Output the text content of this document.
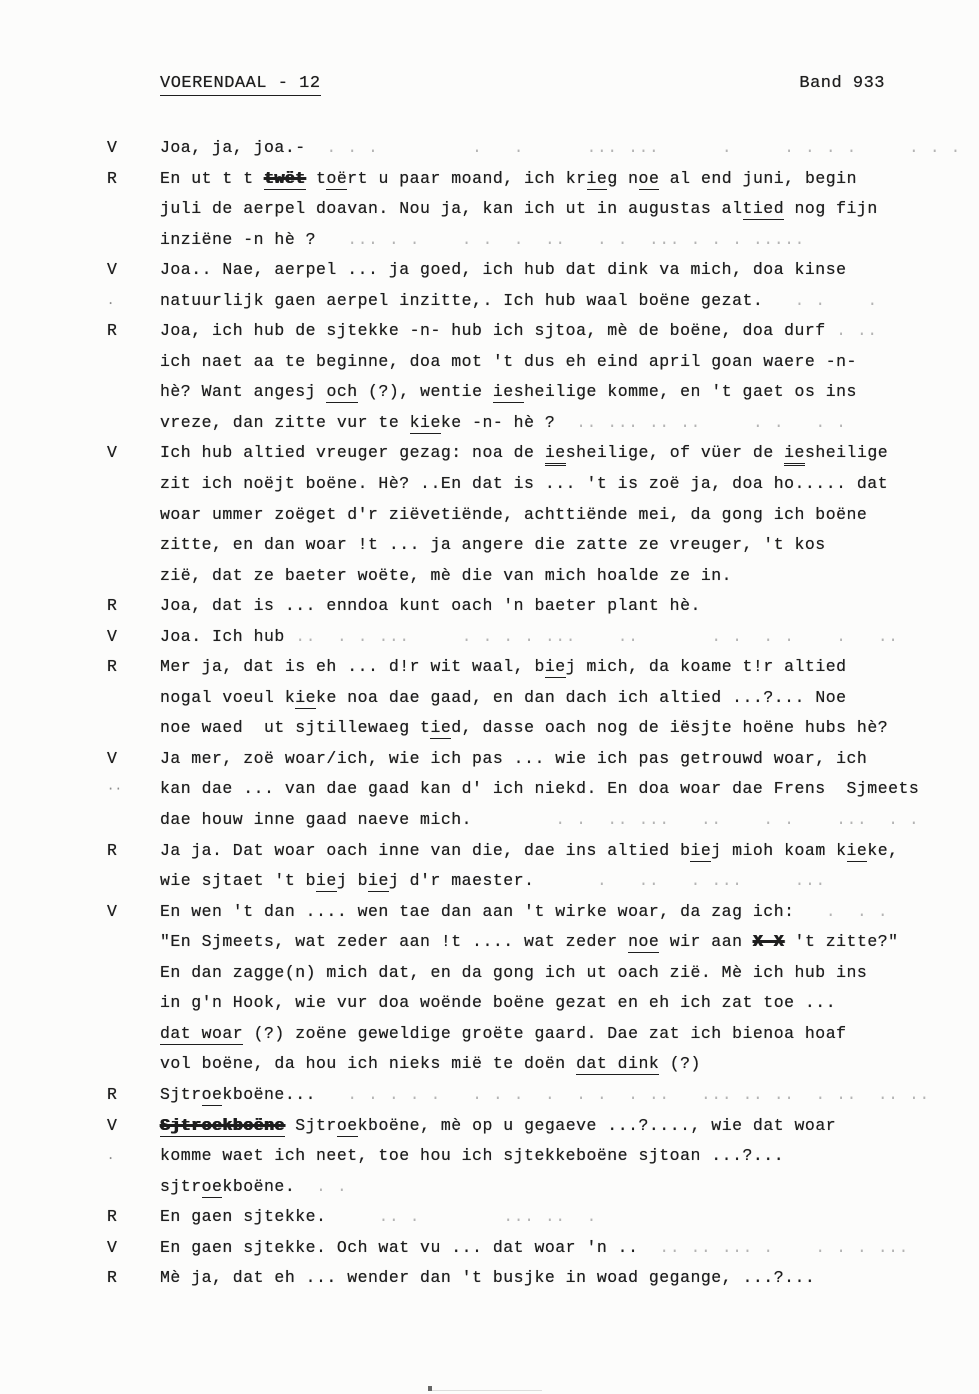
VOERENDAAL - 12	Band 933
V	Joa, ja, joa.-  . . .         .   .      ... ...      .     . . . .     . . .
R	En ut t t twët toërt u paar moand, ich krieg noe al end juni, begin
juli de aerpel doavan. Nou ja, kan ich ut in augustas altied nog fijn
inziëne -n hè ?   ... . .    . .  .  ..   . .  ... . . . .....
V	Joa.. Nae, aerpel ... ja goed, ich hub dat dink va mich, doa kinse
.	natuurlijk gaen aerpel inzitte,. Ich hub waal boëne gezat.   . .    .
R	Joa, ich hub de sjtekke -n- hub ich sjtoa, mè de boëne, doa durf . ..
ich naet aa te beginne, doa mot 't dus eh eind april goan waere -n-
hè? Want angesj och (?), wentie iesheilige komme, en 't gaet os ins
vreze, dan zitte vur te kieke -n- hè ?  .. ... .. ..     . .   . .
V	Ich hub altied vreuger gezag: noa de iesheilige, of vüer de iesheilige
zit ich noëjt boëne. Hè? ..En dat is ... 't is zoë ja, doa ho..... dat
woar ummer zoëget d'r ziëvetiënde, achttiënde mei, da gong ich boëne
zitte, en dan woar !t ... ja angere die zatte ze vreuger, 't kos
zië, dat ze baeter woëte, mè die van mich hoalde ze in.
R	Joa, dat is ... enndoa kunt oach 'n baeter plant hè.
V	Joa. Ich hub ..  . . ...     . . . . ...    ..       . .  . .    .   ..
R	Mer ja, dat is eh ... d!r wit waal, biej mich, da koame t!r altied
nogal voeul kieke noa dae gaad, en dan dach ich altied ...?... Noe
noe waed  ut sjtillewaeg tied, dasse oach nog de iësjte hoëne hubs hè?
V	Ja mer, zoë woar/ich, wie ich pas ... wie ich pas getrouwd woar, ich
·· kan dae ... van dae gaad kan d' ich niekd. En doa woar dae Frens  Sjmeets
dae houw inne gaad naeve mich.        . .  .. ...   ..    . .    ...  . .
R	Ja ja. Dat woar oach inne van die, dae ins altied biej mioh koam kieke,
wie sjtaet 't biej biej d'r maester.      .   ..   . ...     ...
V	En wen 't dan .... wen tae dan aan 't wirke woar, da zag ich:   .  . .
"En Sjmeets, wat zeder aan !t .... wat zeder noe wir aan X X 't zitte?"
En dan zagge(n) mich dat, en da gong ich ut oach zië. Mè ich hub ins
in g'n Hook, wie vur doa woënde boëne gezat en eh ich zat toe ...
dat woar (?) zoëne geweldige groëte gaard. Dae zat ich bienoa hoaf
vol boëne, da hou ich nieks mië te doën dat dink (?)
R	Sjtroekboëne...   . . . . .   . . .  .  . .  . ..   ... .. ..  . ..  .. ..
V	Sjtroekboëne Sjtroekboëne, mè op u gegaeve ...?...., wie dat woar
.	komme waet ich neet, toe hou ich sjtekkeboëne sjtoan ...?...
sjtroekboëne.  . .
R	En gaen sjtekke.     .. .        ... ..  .
V	En gaen sjtekke. Och wat vu ... dat woar 'n ..  .. .. ... .    . . . ...
R	Mè ja, dat eh ... wender dan 't busjke in woad gegange, ...?...
